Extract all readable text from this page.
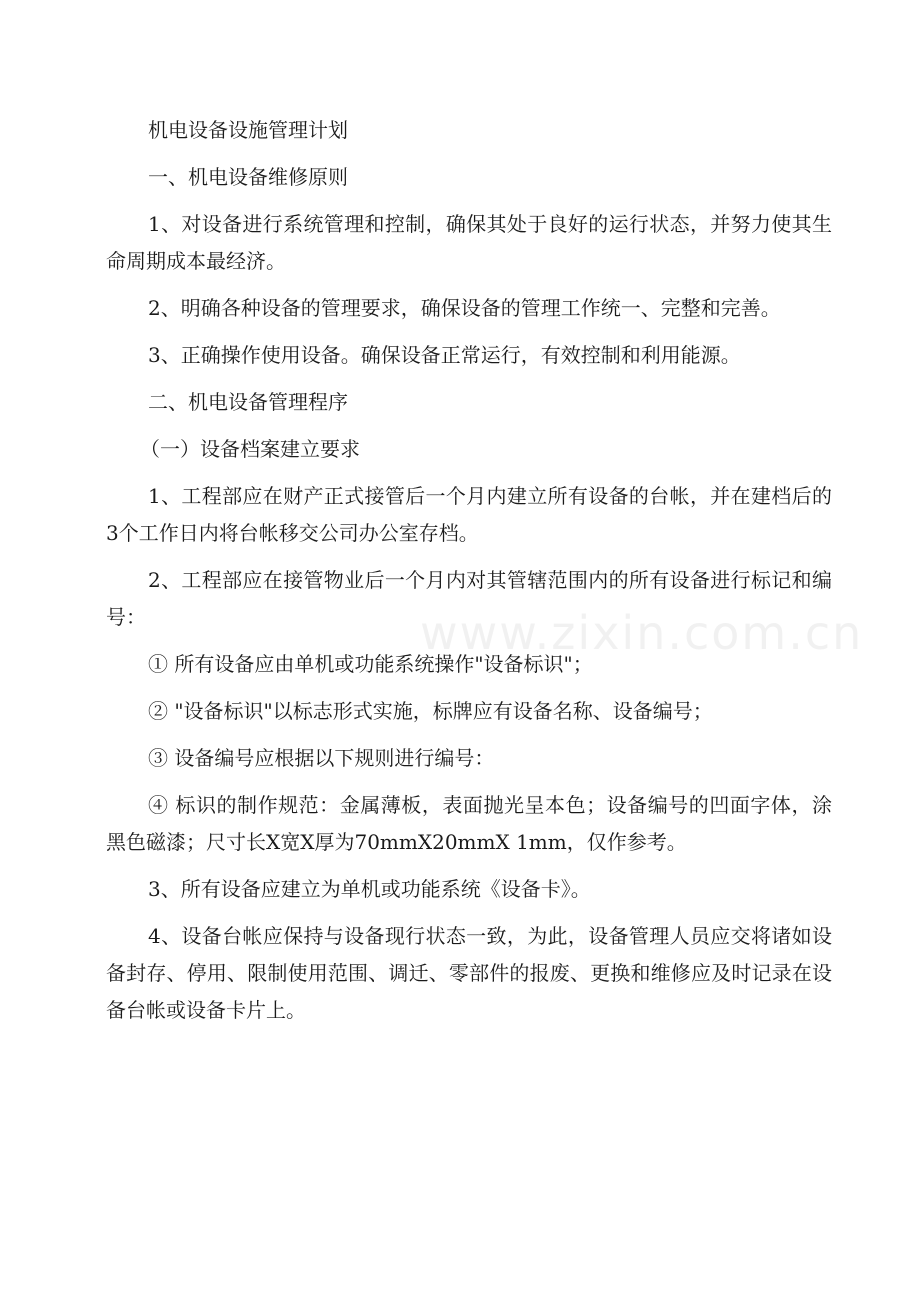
机电设备设施管理计划

一、机电设备维修原则

1、对设备进行系统管理和控制，确保其处于良好的运行状态，并努力使其生命周期成本最经济。

2、明确各种设备的管理要求，确保设备的管理工作统一、完整和完善。

3、正确操作使用设备。确保设备正常运行，有效控制和利用能源。

二、机电设备管理程序

（一）设备档案建立要求

1、工程部应在财产正式接管后一个月内建立所有设备的台帐，并在建档后的3个工作日内将台帐移交公司办公室存档。

2、工程部应在接管物业后一个月内对其管辖范围内的所有设备进行标记和编号：

① 所有设备应由单机或功能系统操作"设备标识"；

② "设备标识"以标志形式实施，标牌应有设备名称、设备编号；

③ 设备编号应根据以下规则进行编号：

④ 标识的制作规范：金属薄板，表面抛光呈本色；设备编号的凹面字体，涂黑色磁漆；尺寸长X宽X厚为70mmX20mmX 1mm，仅作参考。

3、所有设备应建立为单机或功能系统《设备卡》。

4、设备台帐应保持与设备现行状态一致，为此，设备管理人员应交将诸如设备封存、停用、限制使用范围、调迁、零部件的报废、更换和维修应及时记录在设备台帐或设备卡片上。

www.zixin.com.cn
